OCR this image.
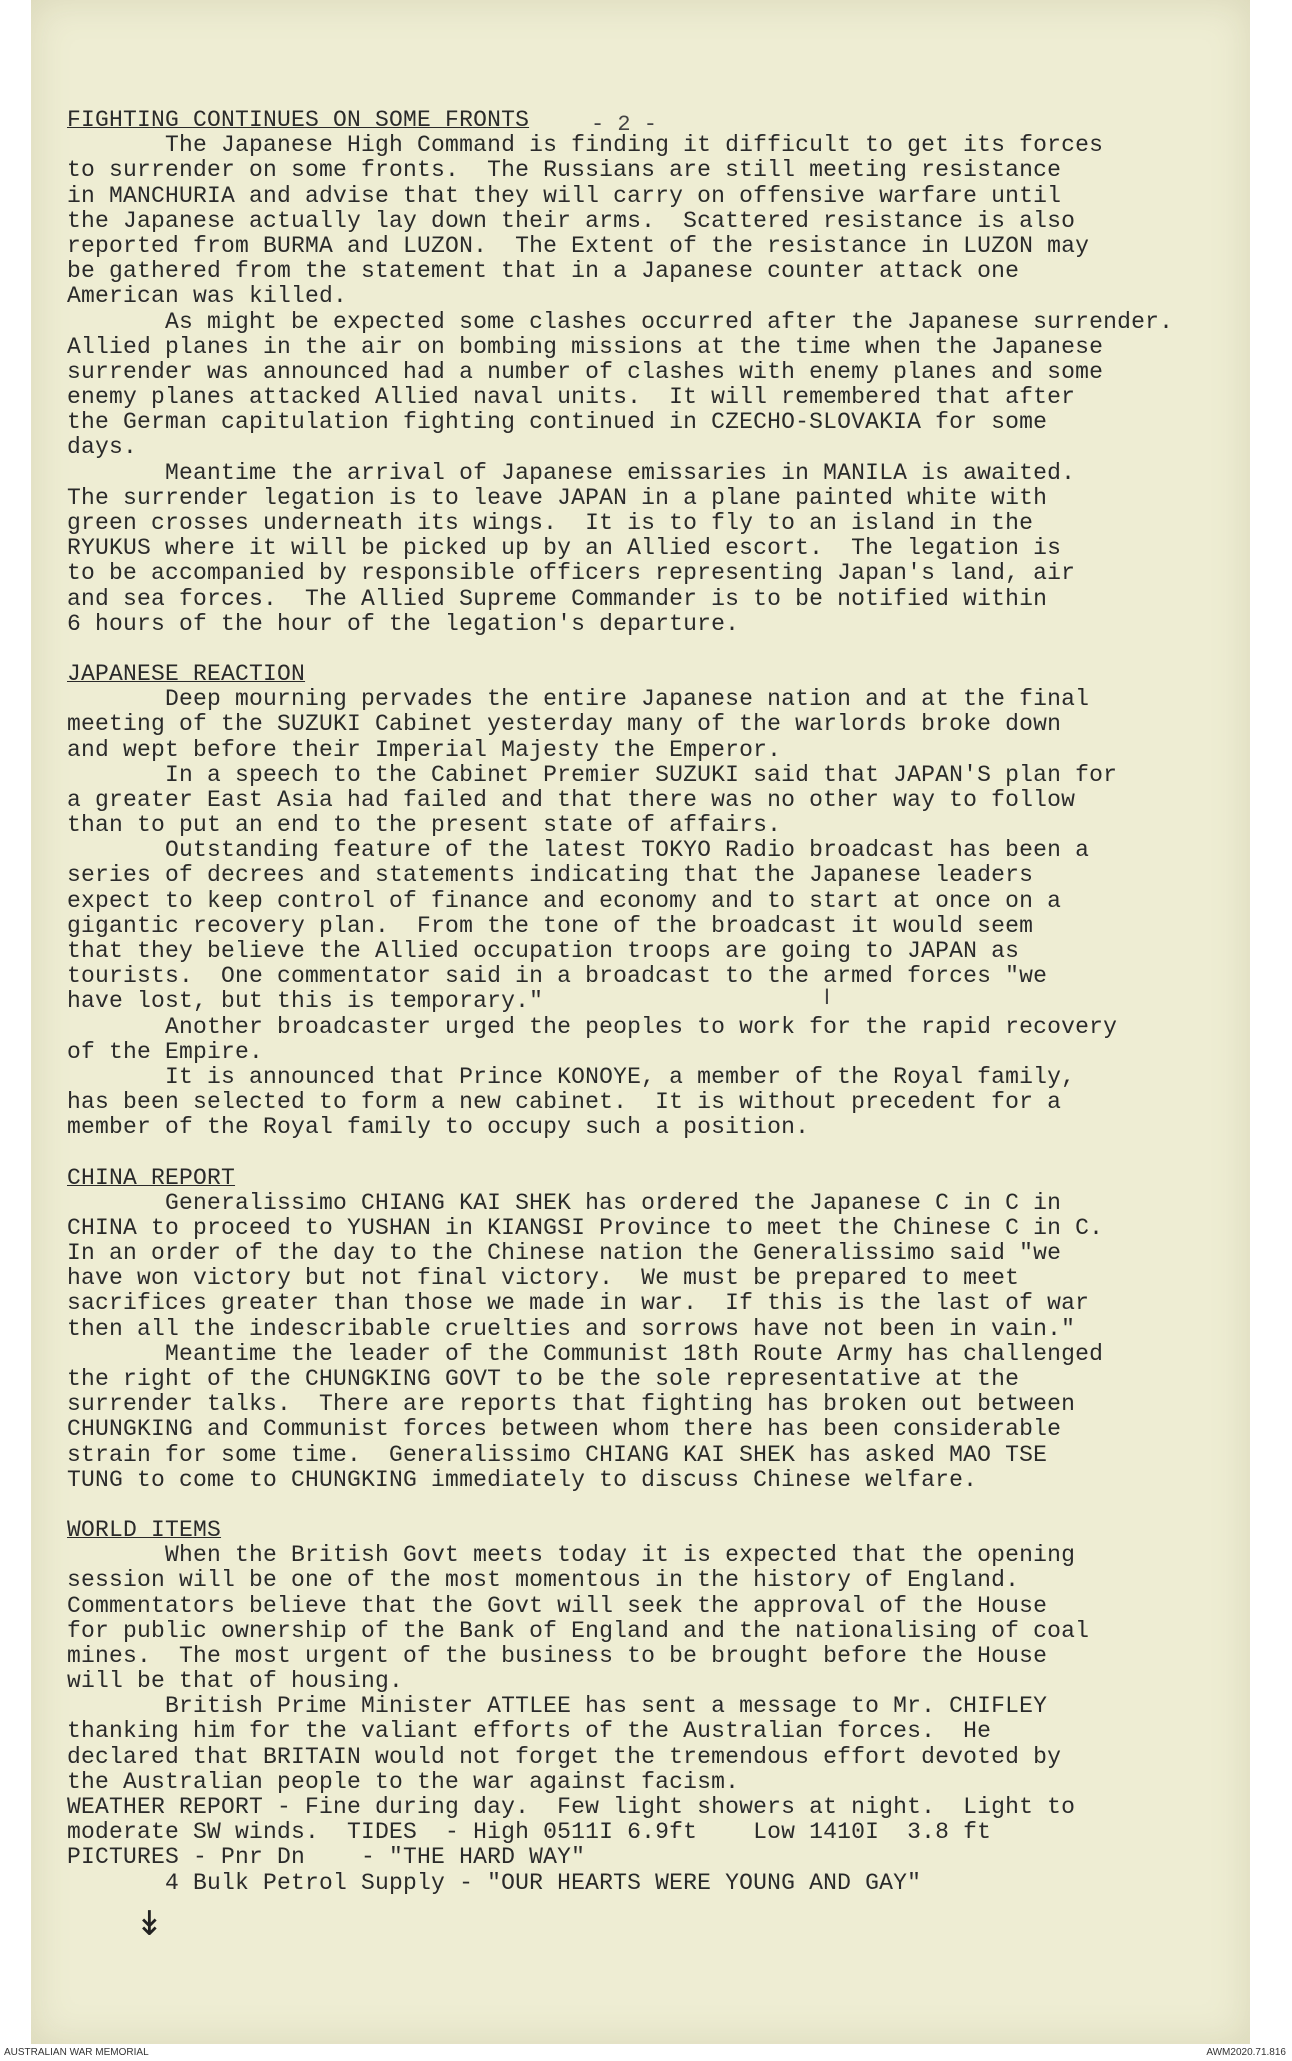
- 2 -
FIGHTING CONTINUES ON SOME FRONTS
The Japanese High Command is finding it difficult to get its forces
to surrender on some fronts.  The Russians are still meeting resistance
in MANCHURIA and advise that they will carry on offensive warfare until
the Japanese actually lay down their arms.  Scattered resistance is also
reported from BURMA and LUZON.  The Extent of the resistance in LUZON may
be gathered from the statement that in a Japanese counter attack one
American was killed.
As might be expected some clashes occurred after the Japanese surrender.
Allied planes in the air on bombing missions at the time when the Japanese
surrender was announced had a number of clashes with enemy planes and some
enemy planes attacked Allied naval units.  It will remembered that after
the German capitulation fighting continued in CZECHO-SLOVAKIA for some
days.
Meantime the arrival of Japanese emissaries in MANILA is awaited.
The surrender legation is to leave JAPAN in a plane painted white with
green crosses underneath its wings.  It is to fly to an island in the
RYUKUS where it will be picked up by an Allied escort.  The legation is
to be accompanied by responsible officers representing Japan's land, air
and sea forces.  The Allied Supreme Commander is to be notified within
6 hours of the hour of the legation's departure.
JAPANESE REACTION
Deep mourning pervades the entire Japanese nation and at the final
meeting of the SUZUKI Cabinet yesterday many of the warlords broke down
and wept before their Imperial Majesty the Emperor.
In a speech to the Cabinet Premier SUZUKI said that JAPAN'S plan for
a greater East Asia had failed and that there was no other way to follow
than to put an end to the present state of affairs.
Outstanding feature of the latest TOKYO Radio broadcast has been a
series of decrees and statements indicating that the Japanese leaders
expect to keep control of finance and economy and to start at once on a
gigantic recovery plan.  From the tone of the broadcast it would seem
that they believe the Allied occupation troops are going to JAPAN as
tourists.  One commentator said in a broadcast to the armed forces "we
have lost, but this is temporary."
Another broadcaster urged the peoples to work for the rapid recovery
of the Empire.
It is announced that Prince KONOYE, a member of the Royal family,
has been selected to form a new cabinet.  It is without precedent for a
member of the Royal family to occupy such a position.
CHINA REPORT
Generalissimo CHIANG KAI SHEK has ordered the Japanese C in C in
CHINA to proceed to YUSHAN in KIANGSI Province to meet the Chinese C in C.
In an order of the day to the Chinese nation the Generalissimo said "we
have won victory but not final victory.  We must be prepared to meet
sacrifices greater than those we made in war.  If this is the last of war
then all the indescribable cruelties and sorrows have not been in vain."
Meantime the leader of the Communist 18th Route Army has challenged
the right of the CHUNGKING GOVT to be the sole representative at the
surrender talks.  There are reports that fighting has broken out between
CHUNGKING and Communist forces between whom there has been considerable
strain for some time.  Generalissimo CHIANG KAI SHEK has asked MAO TSE
TUNG to come to CHUNGKING immediately to discuss Chinese welfare.
WORLD ITEMS
When the British Govt meets today it is expected that the opening
session will be one of the most momentous in the history of England.
Commentators believe that the Govt will seek the approval of the House
for public ownership of the Bank of England and the nationalising of coal
mines.  The most urgent of the business to be brought before the House
will be that of housing.
British Prime Minister ATTLEE has sent a message to Mr. CHIFLEY
thanking him for the valiant efforts of the Australian forces.  He
declared that BRITAIN would not forget the tremendous effort devoted by
the Australian people to the war against facism.
WEATHER REPORT - Fine during day.  Few light showers at night.  Light to
moderate SW winds.  TIDES  - High 0511I 6.9ft    Low 1410I  3.8 ft
PICTURES - Pnr Dn    - "THE HARD WAY"
4 Bulk Petrol Supply - "OUR HEARTS WERE YOUNG AND GAY"
╵
↡
AUSTRALIAN WAR MEMORIAL	AWM2020.71.816
